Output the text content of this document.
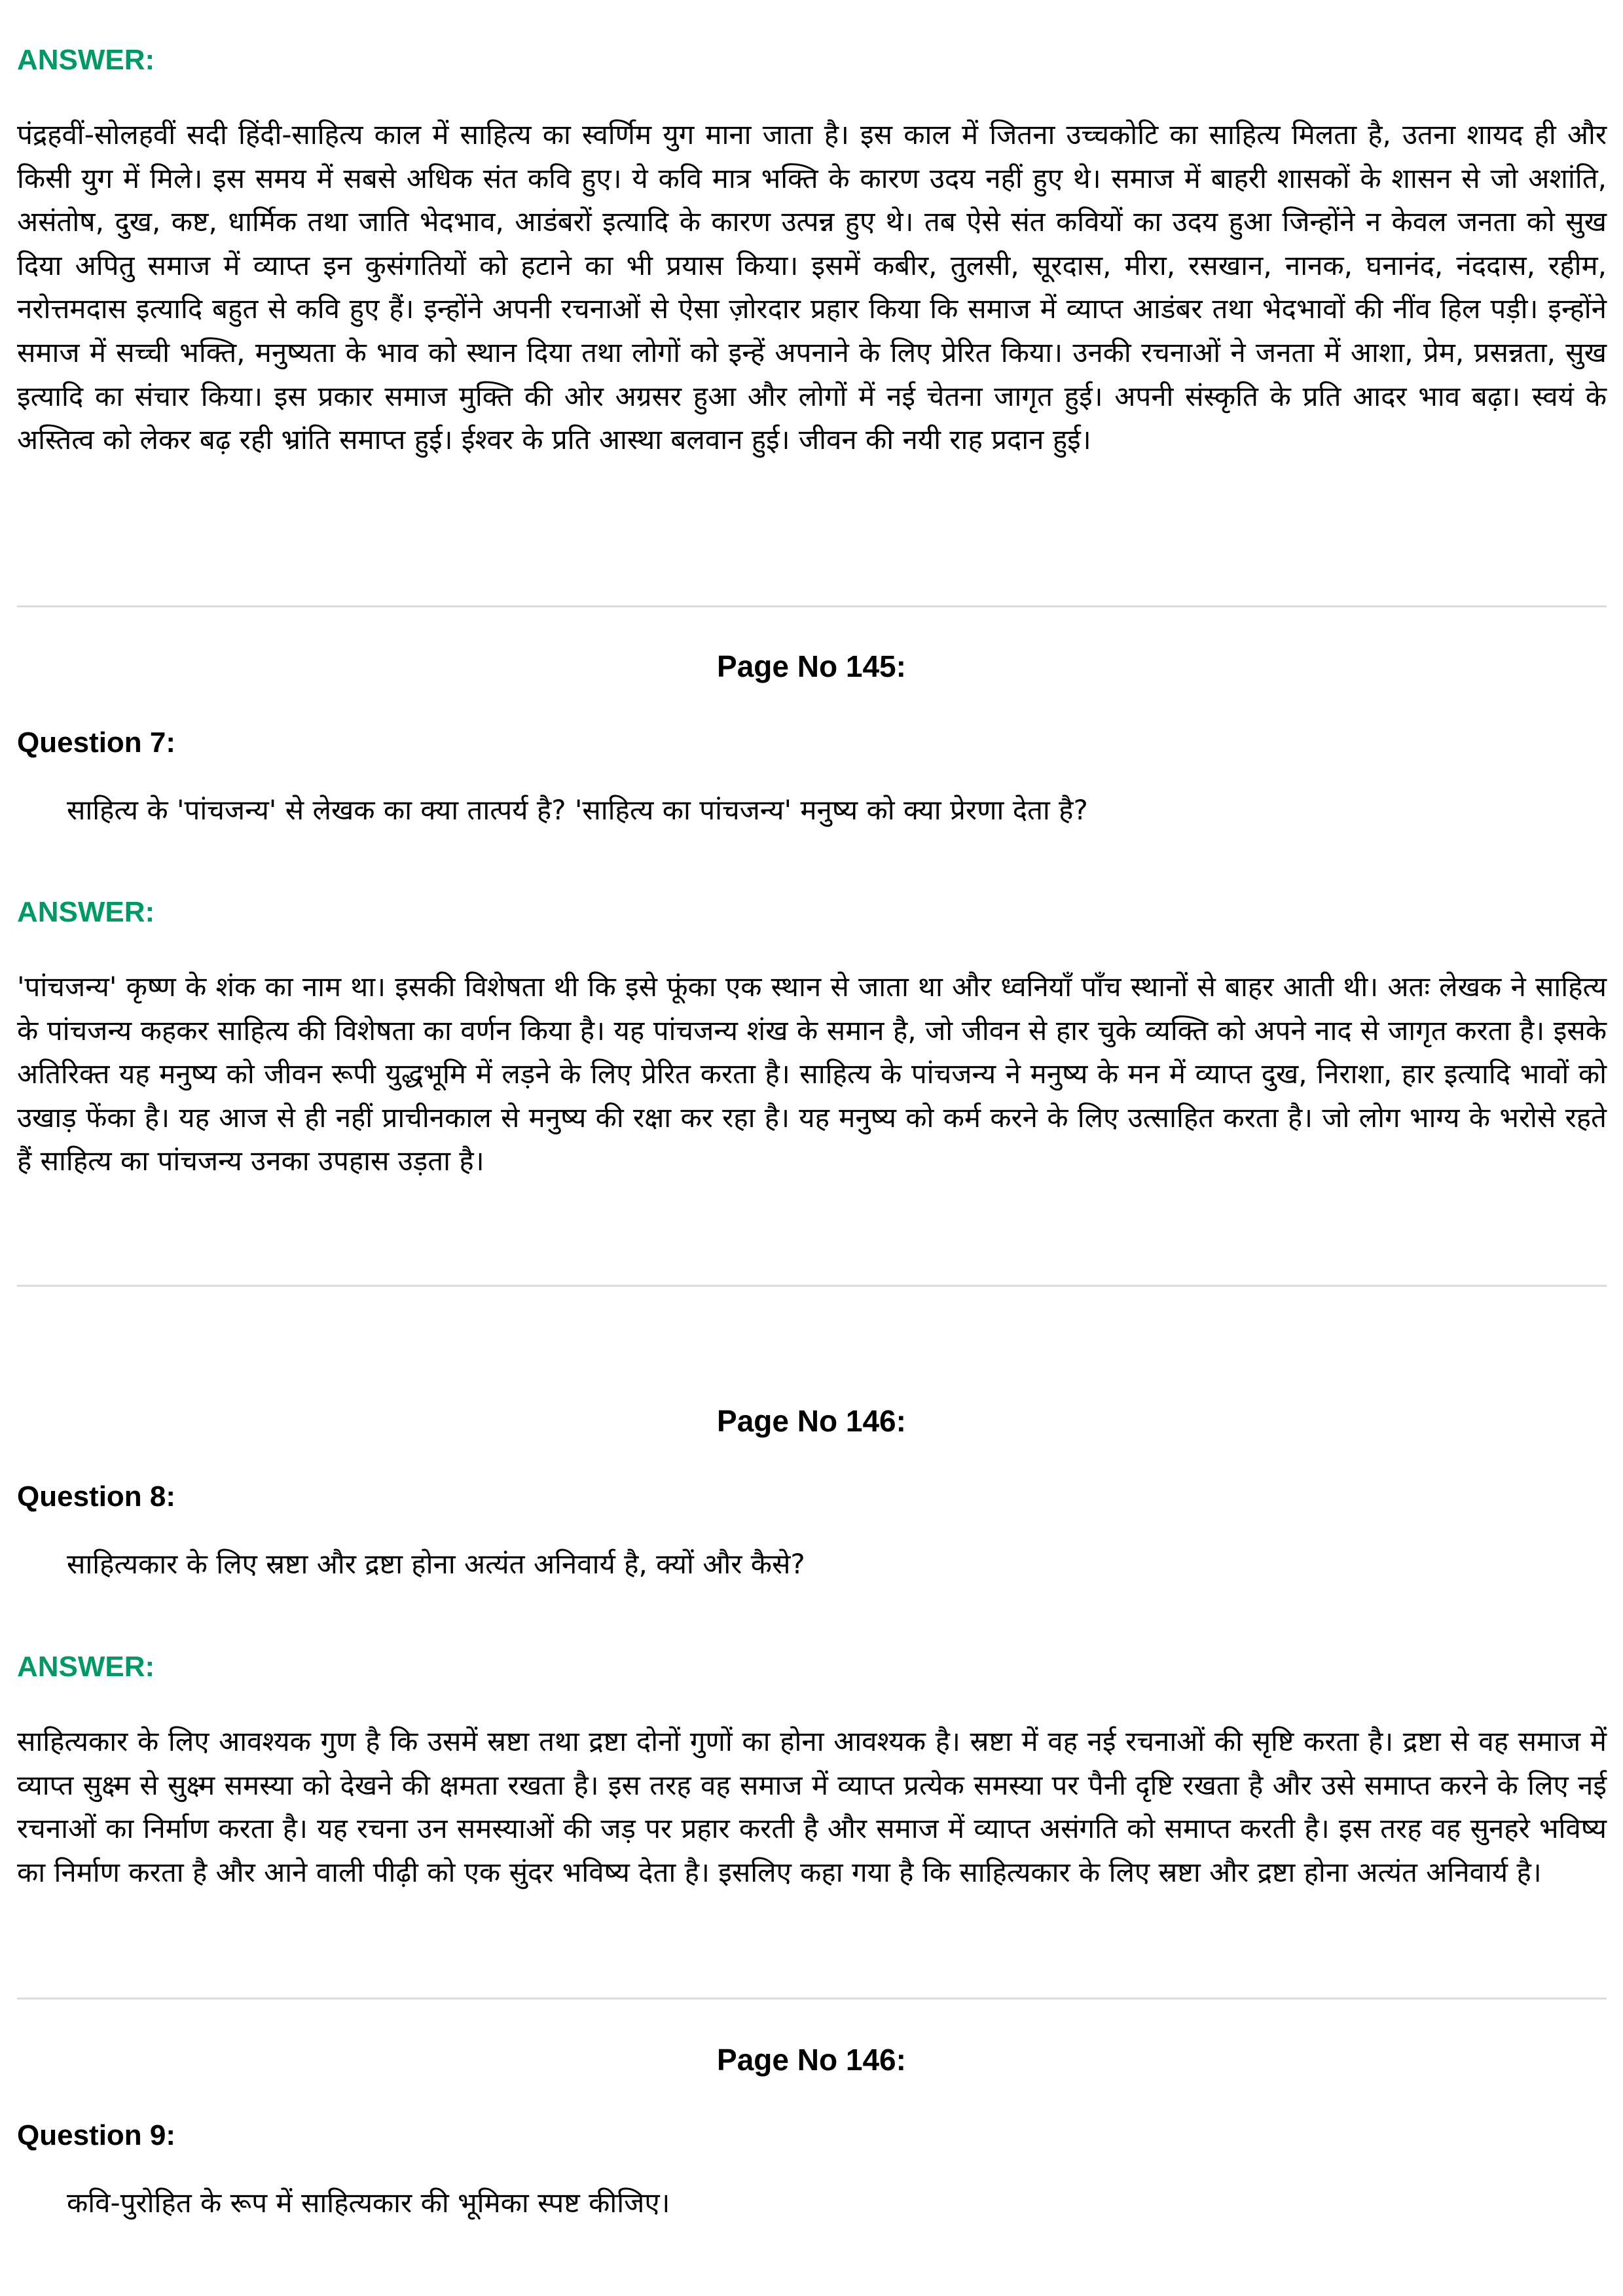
ANSWER:

पंद्रहवीं-सोलहवीं सदी हिंदी-साहित्य काल में साहित्य का स्वर्णिम युग माना जाता है। इस काल में जितना उच्चकोटि का साहित्य मिलता है, उतना शायद ही और किसी युग में मिले। इस समय में सबसे अधिक संत कवि हुए। ये कवि मात्र भक्ति के कारण उदय नहीं हुए थे। समाज में बाहरी शासकों के शासन से जो अशांति, असंतोष, दुख, कष्ट, धार्मिक तथा जाति भेदभाव, आडंबरों इत्यादि के कारण उत्पन्न हुए थे। तब ऐसे संत कवियों का उदय हुआ जिन्होंने न केवल जनता को सुख दिया अपितु समाज में व्याप्त इन कुसंगतियों को हटाने का भी प्रयास किया। इसमें कबीर, तुलसी, सूरदास, मीरा, रसखान, नानक, घनानंद, नंददास, रहीम, नरोत्तमदास इत्यादि बहुत से कवि हुए हैं। इन्होंने अपनी रचनाओं से ऐसा ज़ोरदार प्रहार किया कि समाज में व्याप्त आडंबर तथा भेदभावों की नींव हिल पड़ी। इन्होंने समाज में सच्ची भक्ति, मनुष्यता के भाव को स्थान दिया तथा लोगों को इन्हें अपनाने के लिए प्रेरित किया। उनकी रचनाओं ने जनता में आशा, प्रेम, प्रसन्नता, सुख इत्यादि का संचार किया। इस प्रकार समाज मुक्ति की ओर अग्रसर हुआ और लोगों में नई चेतना जागृत हुई। अपनी संस्कृति के प्रति आदर भाव बढ़ा। स्वयं के अस्तित्व को लेकर बढ़ रही भ्रांति समाप्त हुई। ईश्वर के प्रति आस्था बलवान हुई। जीवन की नयी राह प्रदान हुई।

Page No 145:
Question 7:

साहित्य के 'पांचजन्य' से लेखक का क्या तात्पर्य है? 'साहित्य का पांचजन्य' मनुष्य को क्या प्रेरणा देता है?

ANSWER:

'पांचजन्य' कृष्ण के शंक का नाम था। इसकी विशेषता थी कि इसे फूंका एक स्थान से जाता था और ध्वनियाँ पाँच स्थानों से बाहर आती थी। अतः लेखक ने साहित्य के पांचजन्य कहकर साहित्य की विशेषता का वर्णन किया है। यह पांचजन्य शंख के समान है, जो जीवन से हार चुके व्यक्ति को अपने नाद से जागृत करता है। इसके अतिरिक्त यह मनुष्य को जीवन रूपी युद्धभूमि में लड़ने के लिए प्रेरित करता है। साहित्य के पांचजन्य ने मनुष्य के मन में व्याप्त दुख, निराशा, हार इत्यादि भावों को उखाड़ फेंका है। यह आज से ही नहीं प्राचीनकाल से मनुष्य की रक्षा कर रहा है। यह मनुष्य को कर्म करने के लिए उत्साहित करता है। जो लोग भाग्य के भरोसे रहते हैं साहित्य का पांचजन्य उनका उपहास उड़ता है।

Page No 146:
Question 8:

साहित्यकार के लिए स्रष्टा और द्रष्टा होना अत्यंत अनिवार्य है, क्यों और कैसे?

ANSWER:

साहित्यकार के लिए आवश्यक गुण है कि उसमें स्रष्टा तथा द्रष्टा दोनों गुणों का होना आवश्यक है। स्रष्टा में वह नई रचनाओं की सृष्टि करता है। द्रष्टा से वह समाज में व्याप्त सुक्ष्म से सुक्ष्म समस्या को देखने की क्षमता रखता है। इस तरह वह समाज में व्याप्त प्रत्येक समस्या पर पैनी दृष्टि रखता है और उसे समाप्त करने के लिए नई रचनाओं का निर्माण करता है। यह रचना उन समस्याओं की जड़ पर प्रहार करती है और समाज में व्याप्त असंगति को समाप्त करती है। इस तरह वह सुनहरे भविष्य का निर्माण करता है और आने वाली पीढ़ी को एक सुंदर भविष्य देता है। इसलिए कहा गया है कि साहित्यकार के लिए स्रष्टा और द्रष्टा होना अत्यंत अनिवार्य है।

Page No 146:
Question 9:

कवि-पुरोहित के रूप में साहित्यकार की भूमिका स्पष्ट कीजिए।
